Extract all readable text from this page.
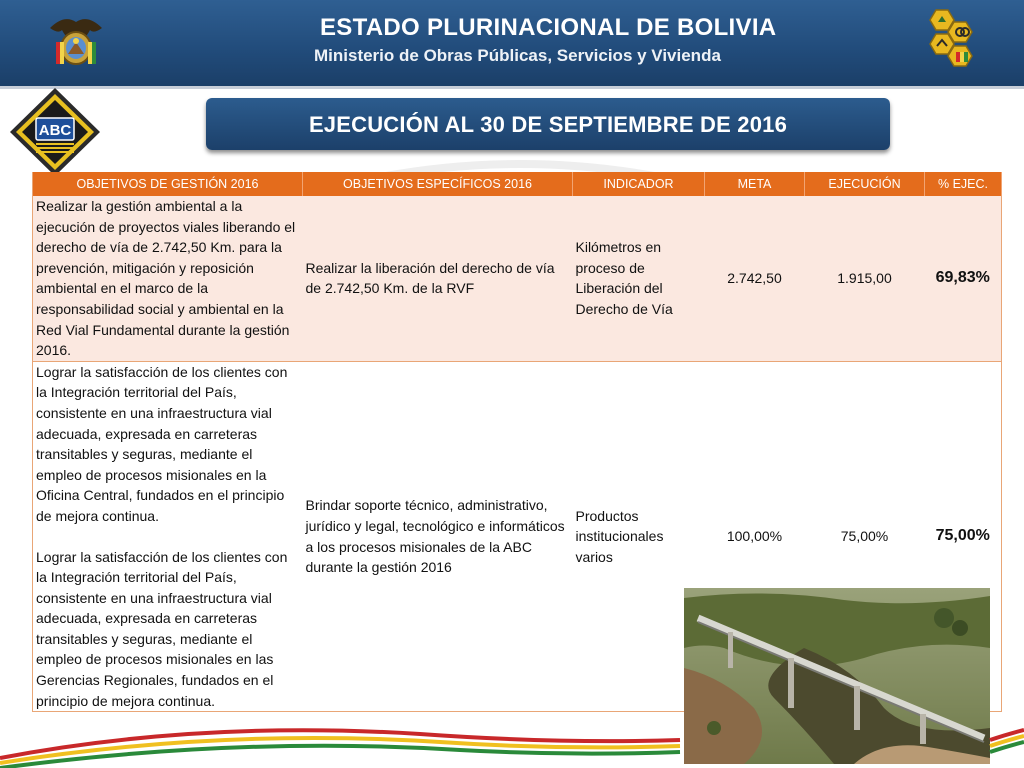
ESTADO PLURINACIONAL DE BOLIVIA
Ministerio de Obras Públicas, Servicios y Vivienda
ABC	EJECUCIÓN AL 30 DE SEPTIEMBRE DE 2016
OBJETIVOS DE GESTIÓN 2016	OBJETIVOS ESPECÍFICOS 2016	INDICADOR	META	EJECUCIÓN	% EJEC.
Realizar la gestión ambiental a la ejecución de proyectos viales liberando el derecho de vía de 2.742,50 Km. para la prevención, mitigación y reposición ambiental en el marco de la responsabilidad social y ambiental en la Red Vial Fundamental durante la gestión 2016.	Realizar la liberación del derecho de vía de 2.742,50 Km. de la RVF	Kilómetros en proceso de Liberación del Derecho de Vía	2.742,50	1.915,00	69,83%
Lograr la satisfacción de los clientes con la Integración territorial del País, consistente en una infraestructura vial adecuada, expresada en carreteras transitables y seguras, mediante el empleo de procesos misionales en la Oficina Central, fundados en el principio de mejora continua.
Lograr la satisfacción de los clientes con la Integración territorial del País, consistente en una infraestructura vial adecuada, expresada en carreteras transitables y seguras, mediante el empleo de procesos misionales en las Gerencias Regionales, fundados en el principio de mejora continua.	Brindar soporte técnico, administrativo, jurídico y legal, tecnológico e informáticos a los procesos misionales de la ABC durante la gestión 2016	Productos institucionales varios	100,00%	75,00%	75,00%
